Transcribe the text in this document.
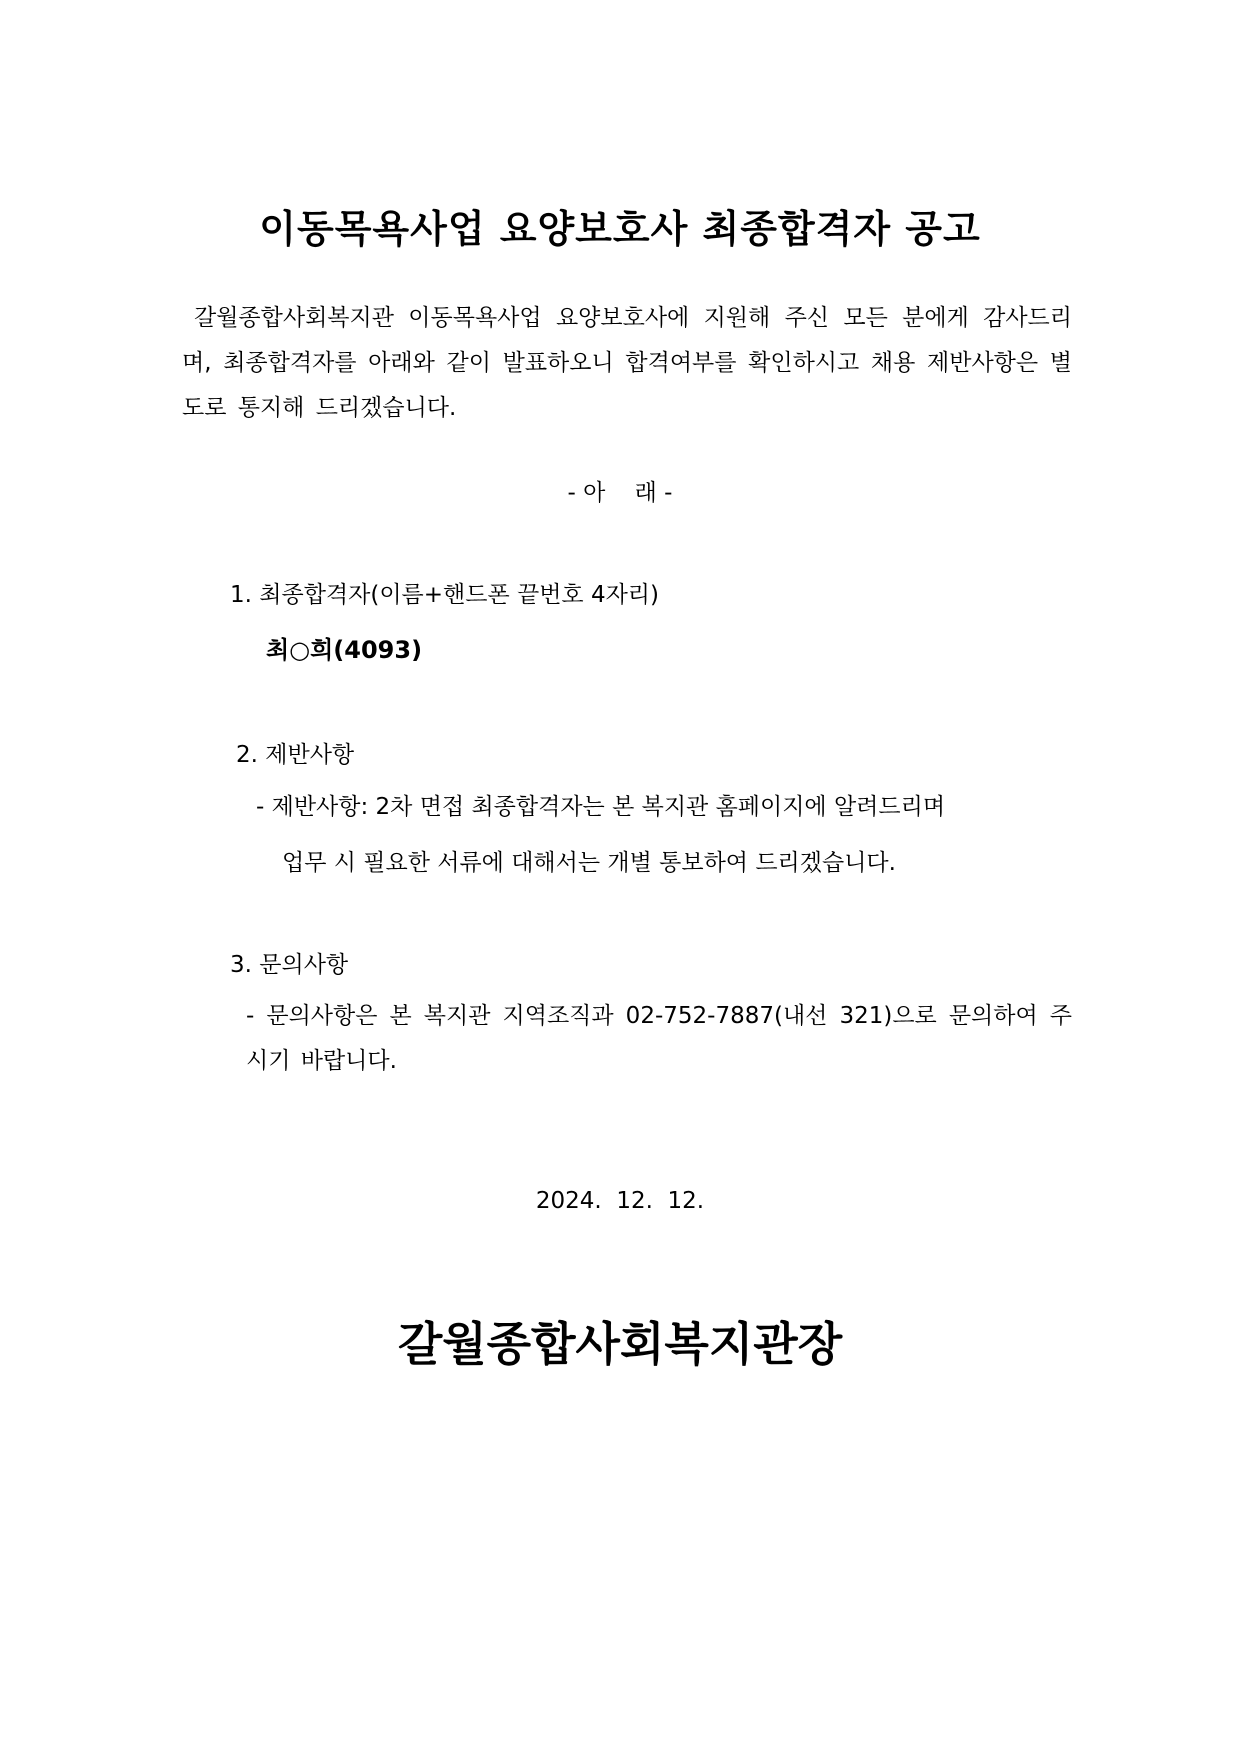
이동목욕사업 요양보호사 최종합격자 공고
갈월종합사회복지관 이동목욕사업 요양보호사에 지원해 주신 모든 분에게 감사드리며, 최종합격자를 아래와 같이 발표하오니 합격여부를 확인하시고 채용 제반사항은 별도로 통지해 드리겠습니다.
- 아    래 -
1. 최종합격자(이름+핸드폰 끝번호 4자리)
최○희(4093)
2. 제반사항
- 제반사항: 2차 면접 최종합격자는 본 복지관 홈페이지에 알려드리며
업무 시 필요한 서류에 대해서는 개별 통보하여 드리겠습니다.
3. 문의사항
- 문의사항은 본 복지관 지역조직과 02-752-7887(내선 321)으로 문의하여 주시기 바랍니다.
2024.  12.  12.
갈월종합사회복지관장
